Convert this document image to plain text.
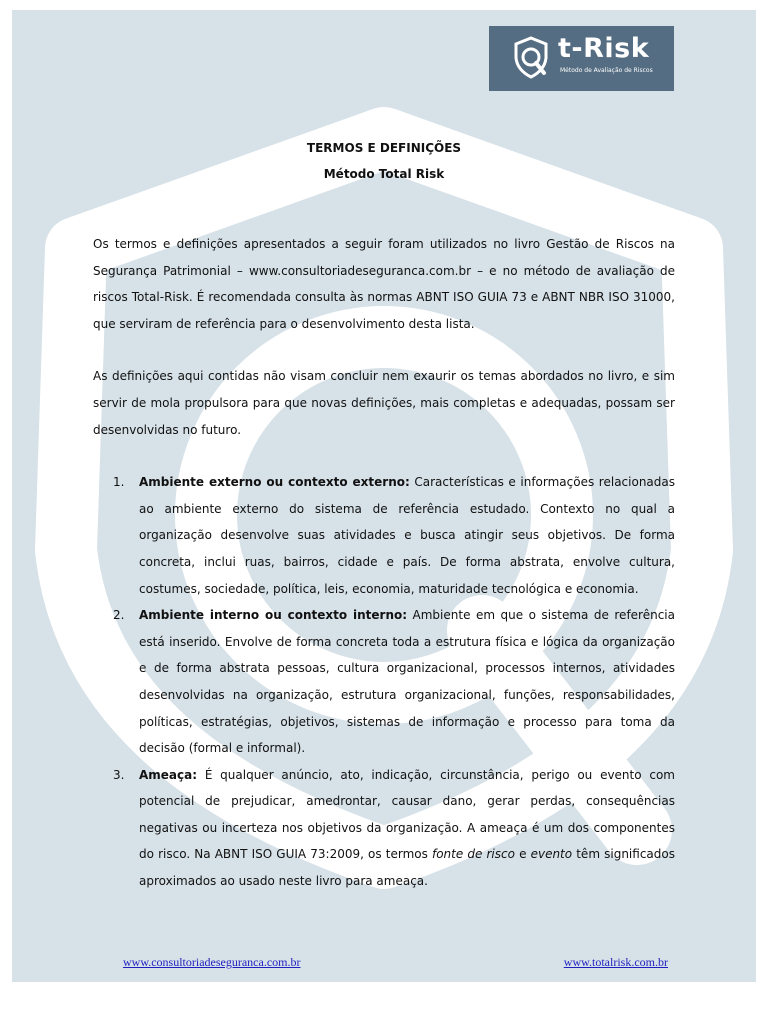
t-Risk
Método de Avaliação de Riscos

TERMOS E DEFINIÇÕES

Método Total Risk

Os termos e definições apresentados a seguir foram utilizados no livro Gestão de Riscos na Segurança Patrimonial – www.consultoriadeseguranca.com.br – e no método de avaliação de riscos Total-Risk. É recomendada consulta às normas ABNT ISO GUIA 73 e ABNT NBR ISO 31000, que serviram de referência para o desenvolvimento desta lista.

As definições aqui contidas não visam concluir nem exaurir os temas abordados no livro, e sim servir de mola propulsora para que novas definições, mais completas e adequadas, possam ser desenvolvidas no futuro.

1. Ambiente externo ou contexto externo: Características e informações relacionadas ao ambiente externo do sistema de referência estudado. Contexto no qual a organização desenvolve suas atividades e busca atingir seus objetivos. De forma concreta, inclui ruas, bairros, cidade e país. De forma abstrata, envolve cultura, costumes, sociedade, política, leis, economia, maturidade tecnológica e economia.
2. Ambiente interno ou contexto interno: Ambiente em que o sistema de referência está inserido. Envolve de forma concreta toda a estrutura física e lógica da organização e de forma abstrata pessoas, cultura organizacional, processos internos, atividades desenvolvidas na organização, estrutura organizacional, funções, responsabilidades, políticas, estratégias, objetivos, sistemas de informação e processo para toma da decisão (formal e informal).
3. Ameaça: É qualquer anúncio, ato, indicação, circunstância, perigo ou evento com potencial de prejudicar, amedrontar, causar dano, gerar perdas, consequências negativas ou incerteza nos objetivos da organização. A ameaça é um dos componentes do risco. Na ABNT ISO GUIA 73:2009, os termos fonte de risco e evento têm significados aproximados ao usado neste livro para ameaça.
www.consultoriadeseguranca.com.br	www.totalrisk.com.br
